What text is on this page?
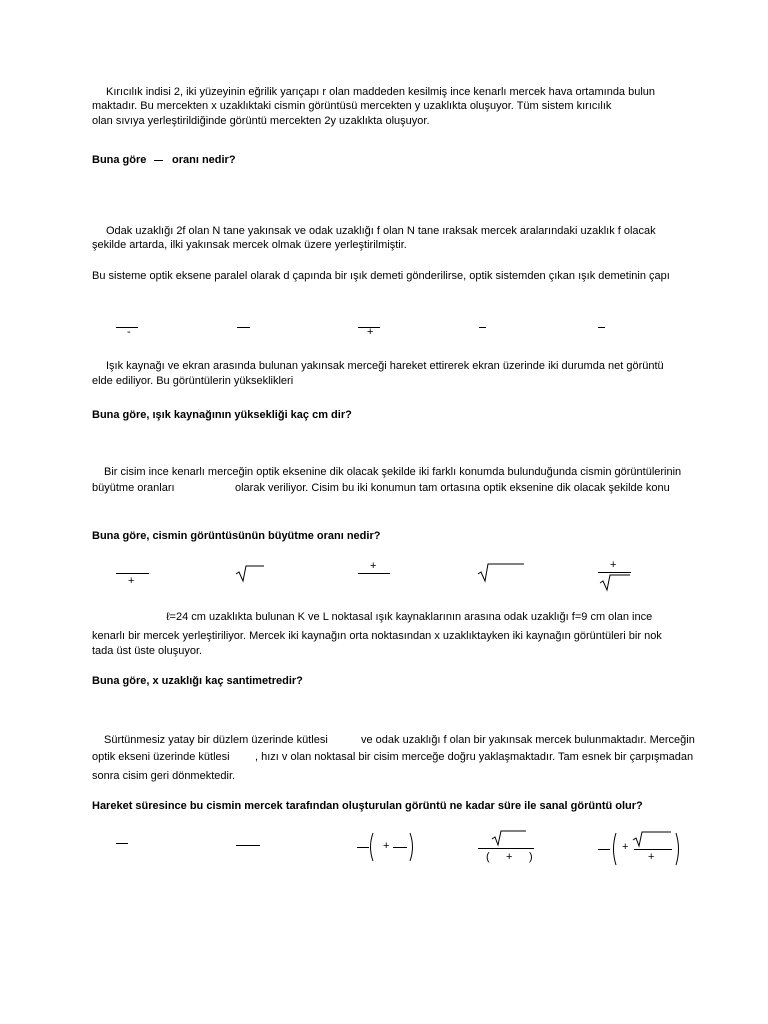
Kırıcılık indisi 2, iki yüzeyinin eğrilik yarıçapı r olan maddeden kesilmiş ince kenarlı mercek hava ortamında bulun
maktadır. Bu mercekten x uzaklıktaki cismin görüntüsü mercekten y uzaklıkta oluşuyor. Tüm sistem kırıcılık
olan sıvıya yerleştirildiğinde görüntü mercekten 2y uzaklıkta oluşuyor.
Buna göre oranı nedir?
Odak uzaklığı 2f olan N tane yakınsak ve odak uzaklığı f olan N tane ıraksak mercek aralarındaki uzaklık f olacak
şekilde artarda, ilki yakınsak mercek olmak üzere yerleştirilmiştir.
Bu sisteme optik eksene paralel olarak d çapında bir ışık demeti gönderilirse, optik sistemden çıkan ışık demetinin çapı
-	+
Işık kaynağı ve ekran arasında bulunan yakınsak merceği hareket ettirerek ekran üzerinde iki durumda net görüntü
elde ediliyor. Bu görüntülerin yükseklikleri
Buna göre, ışık kaynağının yüksekliği kaç cm dir?
Bir cisim ince kenarlı merceğin optik eksenine dik olacak şekilde iki farklı konumda bulunduğunda cismin görüntülerinin
büyütme oranları	olarak veriliyor. Cisim bu iki konumun tam ortasına optik eksenine dik olacak şekilde konu
Buna göre, cismin görüntüsünün büyütme oranı nedir?
+
+	+
ℓ=24 cm uzaklıkta bulunan K ve L noktasal ışık kaynaklarının arasına odak uzaklığı f=9 cm olan ince
kenarlı bir mercek yerleştiriliyor. Mercek iki kaynağın orta noktasından x uzaklıktayken iki kaynağın görüntüleri bir nok
tada üst üste oluşuyor.
Buna göre, x uzaklığı kaç santimetredir?
Sürtünmesiz yatay bir düzlem üzerinde kütlesi	ve odak uzaklığı f olan bir yakınsak mercek bulunmaktadır. Merceğin
optik ekseni üzerinde kütlesi , hızı v olan noktasal bir cisim merceğe doğru yaklaşmaktadır. Tam esnek bir çarpışmadan
sonra cisim geri dönmektedir.
Hareket süresince bu cismin mercek tarafından oluşturulan görüntü ne kadar süre ile sanal görüntü olur?
+
( + )
+
+
